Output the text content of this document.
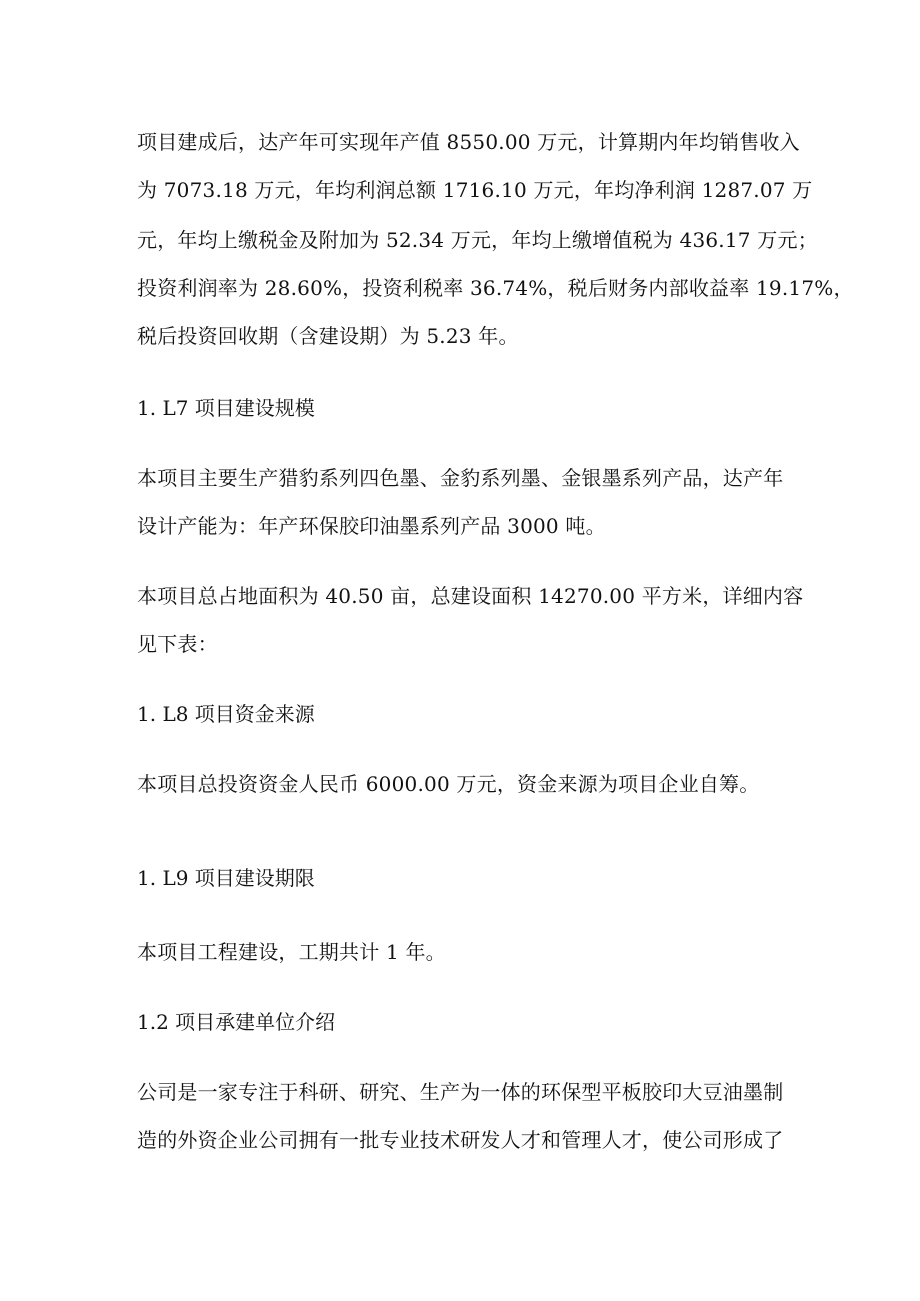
项目建成后，达产年可实现年产值 8550.00 万元，计算期内年均销售收入
为 7073.18 万元，年均利润总额 1716.10 万元，年均净利润 1287.07 万
元，年均上缴税金及附加为 52.34 万元，年均上缴增值税为 436.17 万元；
投资利润率为 28.60%，投资利税率 36.74%，税后财务内部收益率 19.17%，
税后投资回收期（含建设期）为 5.23 年。
1. L7 项目建设规模
本项目主要生产猎豹系列四色墨、金豹系列墨、金银墨系列产品，达产年
设计产能为：年产环保胶印油墨系列产品 3000 吨。
本项目总占地面积为 40.50 亩，总建设面积 14270.00 平方米，详细内容
见下表：
1. L8 项目资金来源
本项目总投资资金人民币 6000.00 万元，资金来源为项目企业自筹。
1. L9 项目建设期限
本项目工程建设，工期共计 1 年。
1.2 项目承建单位介绍
公司是一家专注于科研、研究、生产为一体的环保型平板胶印大豆油墨制
造的外资企业公司拥有一批专业技术研发人才和管理人才，使公司形成了
